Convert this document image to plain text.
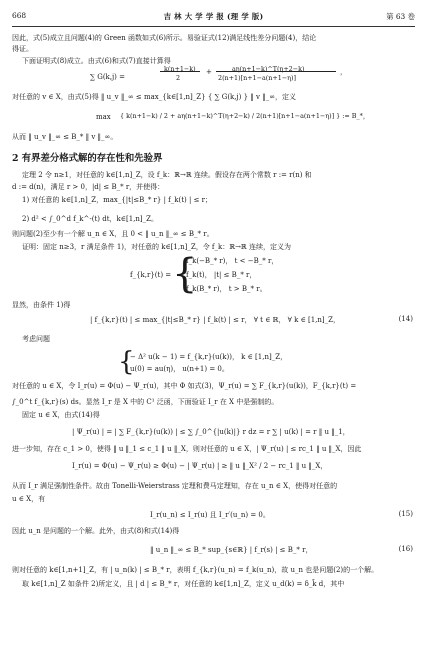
668	吉 林 大 学 学 报 (理 学 版)	第 63 卷
因此，式(5)成立且问题(4)的 Green 函数如式(6)所示。易验证式(12)满足线性差分问题(4)，结论
得证。
下面证明式(8)成立。由式(6)和式(7)直接计算得
∑ G(k,j) =
k(n+1−k)
2
+	aη(n+1−k)^T(η+2−k)
2(n+1)[n+1−a(n+1−η)]
，
对任意的 v ∈ X，由式(5)得 ‖ u_v ‖_∞ ≤ max_{k∈[1,n]_Z} { ∑ G(k,j) } ‖ v ‖_∞，定义
max { k(n+1−k) / 2 + aη(n+1−k)^T(η+2−k) / 2(n+1)[n+1−a(n+1−η)] } := B_*，
从而 ‖ u_v ‖_∞ ≤ B_* ‖ v ‖_∞。
2 有界差分格式解的存在性和先验界
定理 2 令 n≥1，对任意的 k∈[1,n]_Z，设 f_k：ℝ→ℝ 连续。假设存在两个常数 r := r(n) 和
d := d(n)，满足 r > 0，|d| ≤ B_* r，并使得：
1) 对任意的 k∈[1,n]_Z，max_{|t|≤B_* r} | f_k(t) | ≤ r；
2) d² < ∫_0^d f_k^-(t) dt，k∈[1,n]_Z。
则问题(2)至少有一个解 u_n ∈ X，且 0 < ‖ u_n ‖_∞ ≤ B_* r。
证明：固定 n≥3，r 满足条件 1)，对任意的 k∈[1,n]_Z，令 f_k：ℝ→ℝ 连续，定义为
f_{k,r}(t) = {
f_k(−B_* r)， t < −B_* r，
f_k(t)， |t| ≤ B_* r，
f_k(B_* r)， t > B_* r。
显然，由条件 1)得
| f_{k,r}(t) | ≤ max_{|t|≤B_* r} | f_k(t) | ≤ r， ∀ t ∈ ℝ， ∀ k ∈ [1,n]_Z，	(14)
考虑问题
{
− Δ² u(k − 1) = f_{k,r}(u(k))， k ∈ [1,n]_Z，
u(0) = au(η)， u(n+1) = 0。
对任意的 u ∈ X，令 I_r(u) = Φ(u) − Ψ_r(u)，其中 Φ 如式(3)，Ψ_r(u) = ∑ F_{k,r}(u(k))，F_{k,r}(t) =
∫_0^t f_{k,r}(s) ds。显然 I_r 是 X 中的 C¹ 泛函，下面验证 I_r 在 X 中是强制的。
固定 u ∈ X，由式(14)得
| Ψ_r(u) | = | ∑ F_{k,r}(u(k)) | ≤ ∑ ∫_0^{|u(k)|} r dz = r ∑ | u(k) | = r ‖ u ‖_1，
进一步知，存在 c_1 > 0，使得 ‖ u ‖_1 ≤ c_1 ‖ u ‖_X，则对任意的 u ∈ X，| Ψ_r(u) | ≤ rc_1 ‖ u ‖_X，因此
I_r(u) = Φ(u) − Ψ_r(u) ≥ Φ(u) − | Ψ_r(u) | ≥ ‖ u ‖_X² / 2 − rc_1 ‖ u ‖_X，
从而 I_r 满足强制性条件。故由 Tonelli-Weierstrass 定理和费马定理知，存在 u_n ∈ X，使得对任意的
u ∈ X，有
I_r(u_n) ≤ I_r(u) 且 I_r′(u_n) = 0。	(15)
因此 u_n 是问题的一个解。此外，由式(8)和式(14)得
‖ u_n ‖_∞ ≤ B_* sup_{s∈ℝ} | f_r(s) | ≤ B_* r，	(16)
则对任意的 k∈[1,n+1]_Z，有 | u_n(k) | ≤ B_* r，表明 f_{k,r}(u_n) = f_k(u_n)，故 u_n 也是问题(2)的一个解。
取 k∈[1,n]_Z 如条件 2)所定义，且 | d | ≤ B_* r，对任意的 k∈[1,n]_Z，定义 u_d(k) = δ_k̄ d，其中
